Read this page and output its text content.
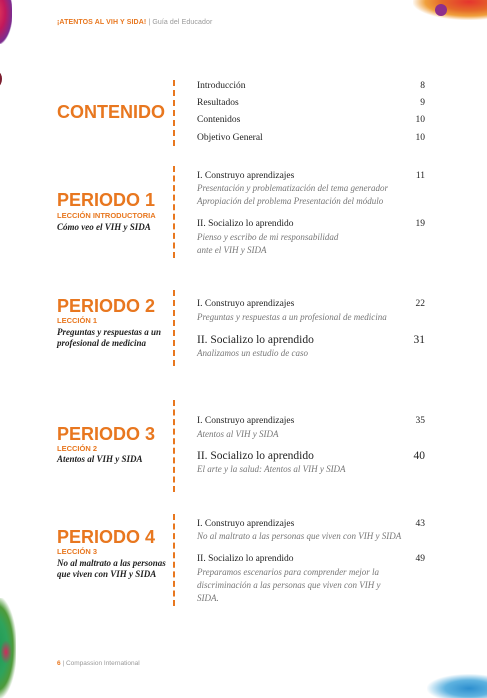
¡ATENTOS AL VIH Y SIDA! | Guía del Educador
CONTENIDO
Introducción	8
Resultados	9
Contenidos	10
Objetivo General	10
PERIODO 1
LECCIÓN INTRODUCTORIA
Cómo veo el VIH y SIDA
I. Construyo aprendizajes	11
Presentación y problematización del tema generador
Apropiación del problema Presentación del módulo
II. Socializo lo aprendido	19
Pienso y escribo de mi responsabilidad
ante el VIH y SIDA
PERIODO 2
LECCIÓN 1
Preguntas y respuestas a un profesional de medicina
I. Construyo aprendizajes	22
Preguntas y respuestas a un profesional de medicina
II. Socializo lo aprendido	31
Analizamos un estudio de caso
PERIODO 3
LECCIÓN 2
Atentos al VIH y SIDA
I. Construyo aprendizajes	35
Atentos al VIH y SIDA
II. Socializo lo aprendido	40
El arte y la salud: Atentos al VIH y SIDA
PERIODO 4
LECCIÓN 3
No al maltrato a las personas que viven con VIH y SIDA
I. Construyo aprendizajes	43
No al maltrato a las personas que viven con VIH y SIDA
II. Socializo lo aprendido	49
Preparamos escenarios para comprender mejor la
discriminación a las personas que viven con VIH y
SIDA.
6 | Compassion International
